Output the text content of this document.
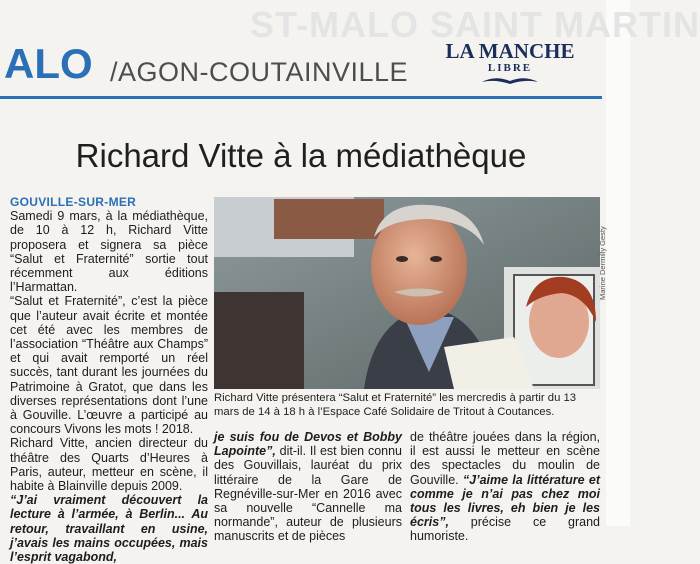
ST-MALO SAINT MARTIN
ALO /AGON-COUTAINVILLE
LA MANCHE
LIBRE
Richard Vitte à la médiathèque
GOUVILLE-SUR-MER

Samedi 9 mars, à la médiathèque, de 10 à 12 h, Richard Vitte proposera et signera sa pièce “Salut et Fraternité” sortie tout récemment aux éditions l’Harmattan.

“Salut et Fraternité”, c’est la pièce que l’auteur avait écrite et montée cet été avec les membres de l’association “Théâtre aux Champs” et qui avait remporté un réel succès, tant durant les journées du Patrimoine à Gratot, que dans les diverses représentations dont l’une à Gouville. L’œuvre a participé au concours Vivons les mots ! 2018.

Richard Vitte, ancien directeur du théâtre des Quarts d’Heures à Paris, auteur, metteur en scène, il habite à Blainville depuis 2009.

“J’ai vraiment découvert la lecture à l’armée, à Berlin... Au retour, travaillant en usine, j’avais les mains occupées, mais l’esprit vagabond,

Marine Dermilly Gesty
Richard Vitte présentera “Salut et Fraternité” les mercredis à partir du 13 mars de 14 à 18 h à l’Espace Café Solidaire de Tritout à Coutances.
je suis fou de Devos et Bobby Lapointe”, dit-il. Il est bien connu des Gouvillais, lauréat du prix littéraire de la Gare de Regnéville-sur-Mer en 2016 avec sa nouvelle “Cannelle ma normande”, auteur de plusieurs manuscrits et de pièces
de théâtre jouées dans la région, il est aussi le metteur en scène des spectacles du moulin de Gouville. “J’aime la littérature et comme je n’ai pas chez moi tous les livres, eh bien je les écris”, précise ce grand humoriste.
